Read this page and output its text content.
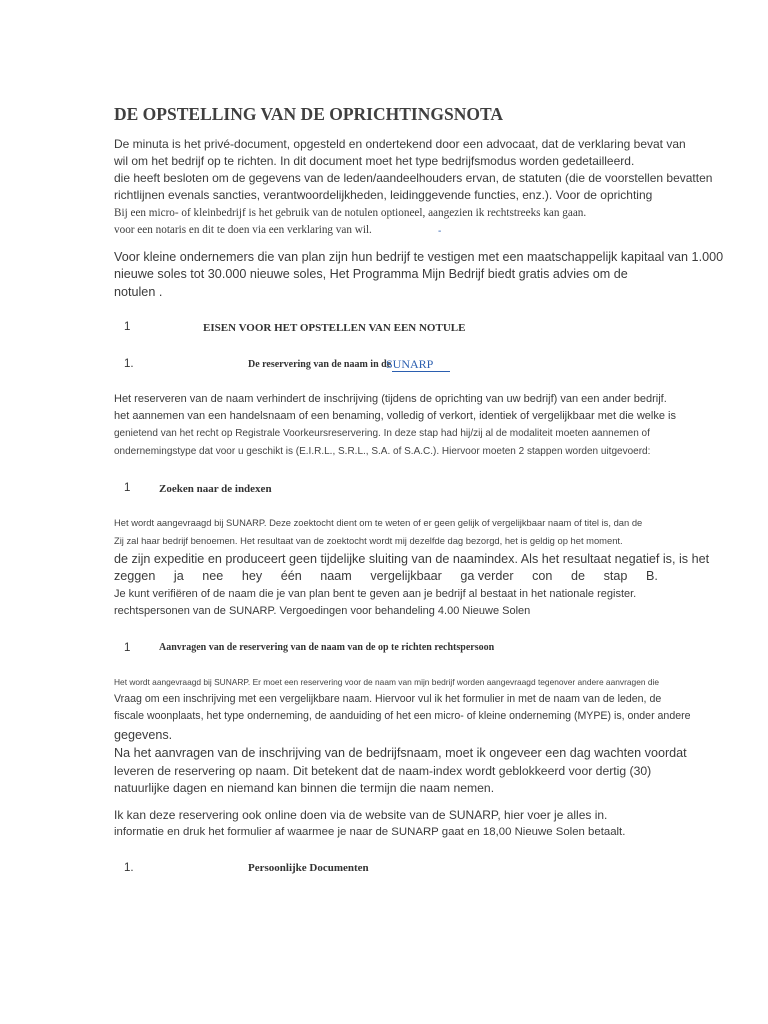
DE OPSTELLING VAN DE OPRICHTINGSNOTA
De minuta is het privé-document, opgesteld en ondertekend door een advocaat, dat de verklaring bevat van
wil om het bedrijf op te richten. In dit document moet het type bedrijfsmodus worden gedetailleerd.
die heeft besloten om de gegevens van de leden/aandeelhouders ervan, de statuten (die de voorstellen bevatten
richtlijnen evenals sancties, verantwoordelijkheden, leidinggevende functies, enz.). Voor de oprichting
Bij een micro- of kleinbedrijf is het gebruik van de notulen optioneel, aangezien ik rechtstreeks kan gaan.
voor een notaris en dit te doen via een verklaring van wil.	-
Voor kleine ondernemers die van plan zijn hun bedrijf te vestigen met een maatschappelijk kapitaal van 1.000
nieuwe soles tot 30.000 nieuwe soles, Het Programma Mijn Bedrijf biedt gratis advies om de
notulen .
1	EISEN VOOR HET OPSTELLEN VAN EEN NOTULE
1.	De reservering van de naam in de
SUNARP
Het reserveren van de naam verhindert de inschrijving (tijdens de oprichting van uw bedrijf) van een ander bedrijf.
het aannemen van een handelsnaam of een benaming, volledig of verkort, identiek of vergelijkbaar met die welke is
genietend van het recht op Registrale Voorkeursreservering. In deze stap had hij/zij al de modaliteit moeten aannemen of
ondernemingstype dat voor u geschikt is (E.I.R.L., S.R.L., S.A. of S.A.C.). Hiervoor moeten 2 stappen worden uitgevoerd:
1	Zoeken naar de indexen
Het wordt aangevraagd bij SUNARP. Deze zoektocht dient om te weten of er geen gelijk of vergelijkbaar naam of titel is, dan de
Zij zal haar bedrijf benoemen. Het resultaat van de zoektocht wordt mij dezelfde dag bezorgd, het is geldig op het moment.
de zijn expeditie en produceert geen tijdelijke sluiting van de naamindex. Als het resultaat negatief is, is het
zeggen ja nee hey één naam vergelijkbaar ga verder con de stap B.
Je kunt verifiëren of de naam die je van plan bent te geven aan je bedrijf al bestaat in het nationale register.
rechtspersonen van de SUNARP. Vergoedingen voor behandeling 4.00 Nieuwe Solen
1	Aanvragen van de reservering van de naam van de op te richten rechtspersoon
Het wordt aangevraagd bij SUNARP. Er moet een reservering voor de naam van mijn bedrijf worden aangevraagd tegenover andere aanvragen die
Vraag om een inschrijving met een vergelijkbare naam. Hiervoor vul ik het formulier in met de naam van de leden, de
fiscale woonplaats, het type onderneming, de aanduiding of het een micro- of kleine onderneming (MYPE) is, onder andere
gegevens.
Na het aanvragen van de inschrijving van de bedrijfsnaam, moet ik ongeveer een dag wachten voordat
leveren de reservering op naam. Dit betekent dat de naam-index wordt geblokkeerd voor dertig (30)
natuurlijke dagen en niemand kan binnen die termijn die naam nemen.
Ik kan deze reservering ook online doen via de website van de SUNARP, hier voer je alles in.
informatie en druk het formulier af waarmee je naar de SUNARP gaat en 18,00 Nieuwe Solen betaalt.
1.	Persoonlijke Documenten
